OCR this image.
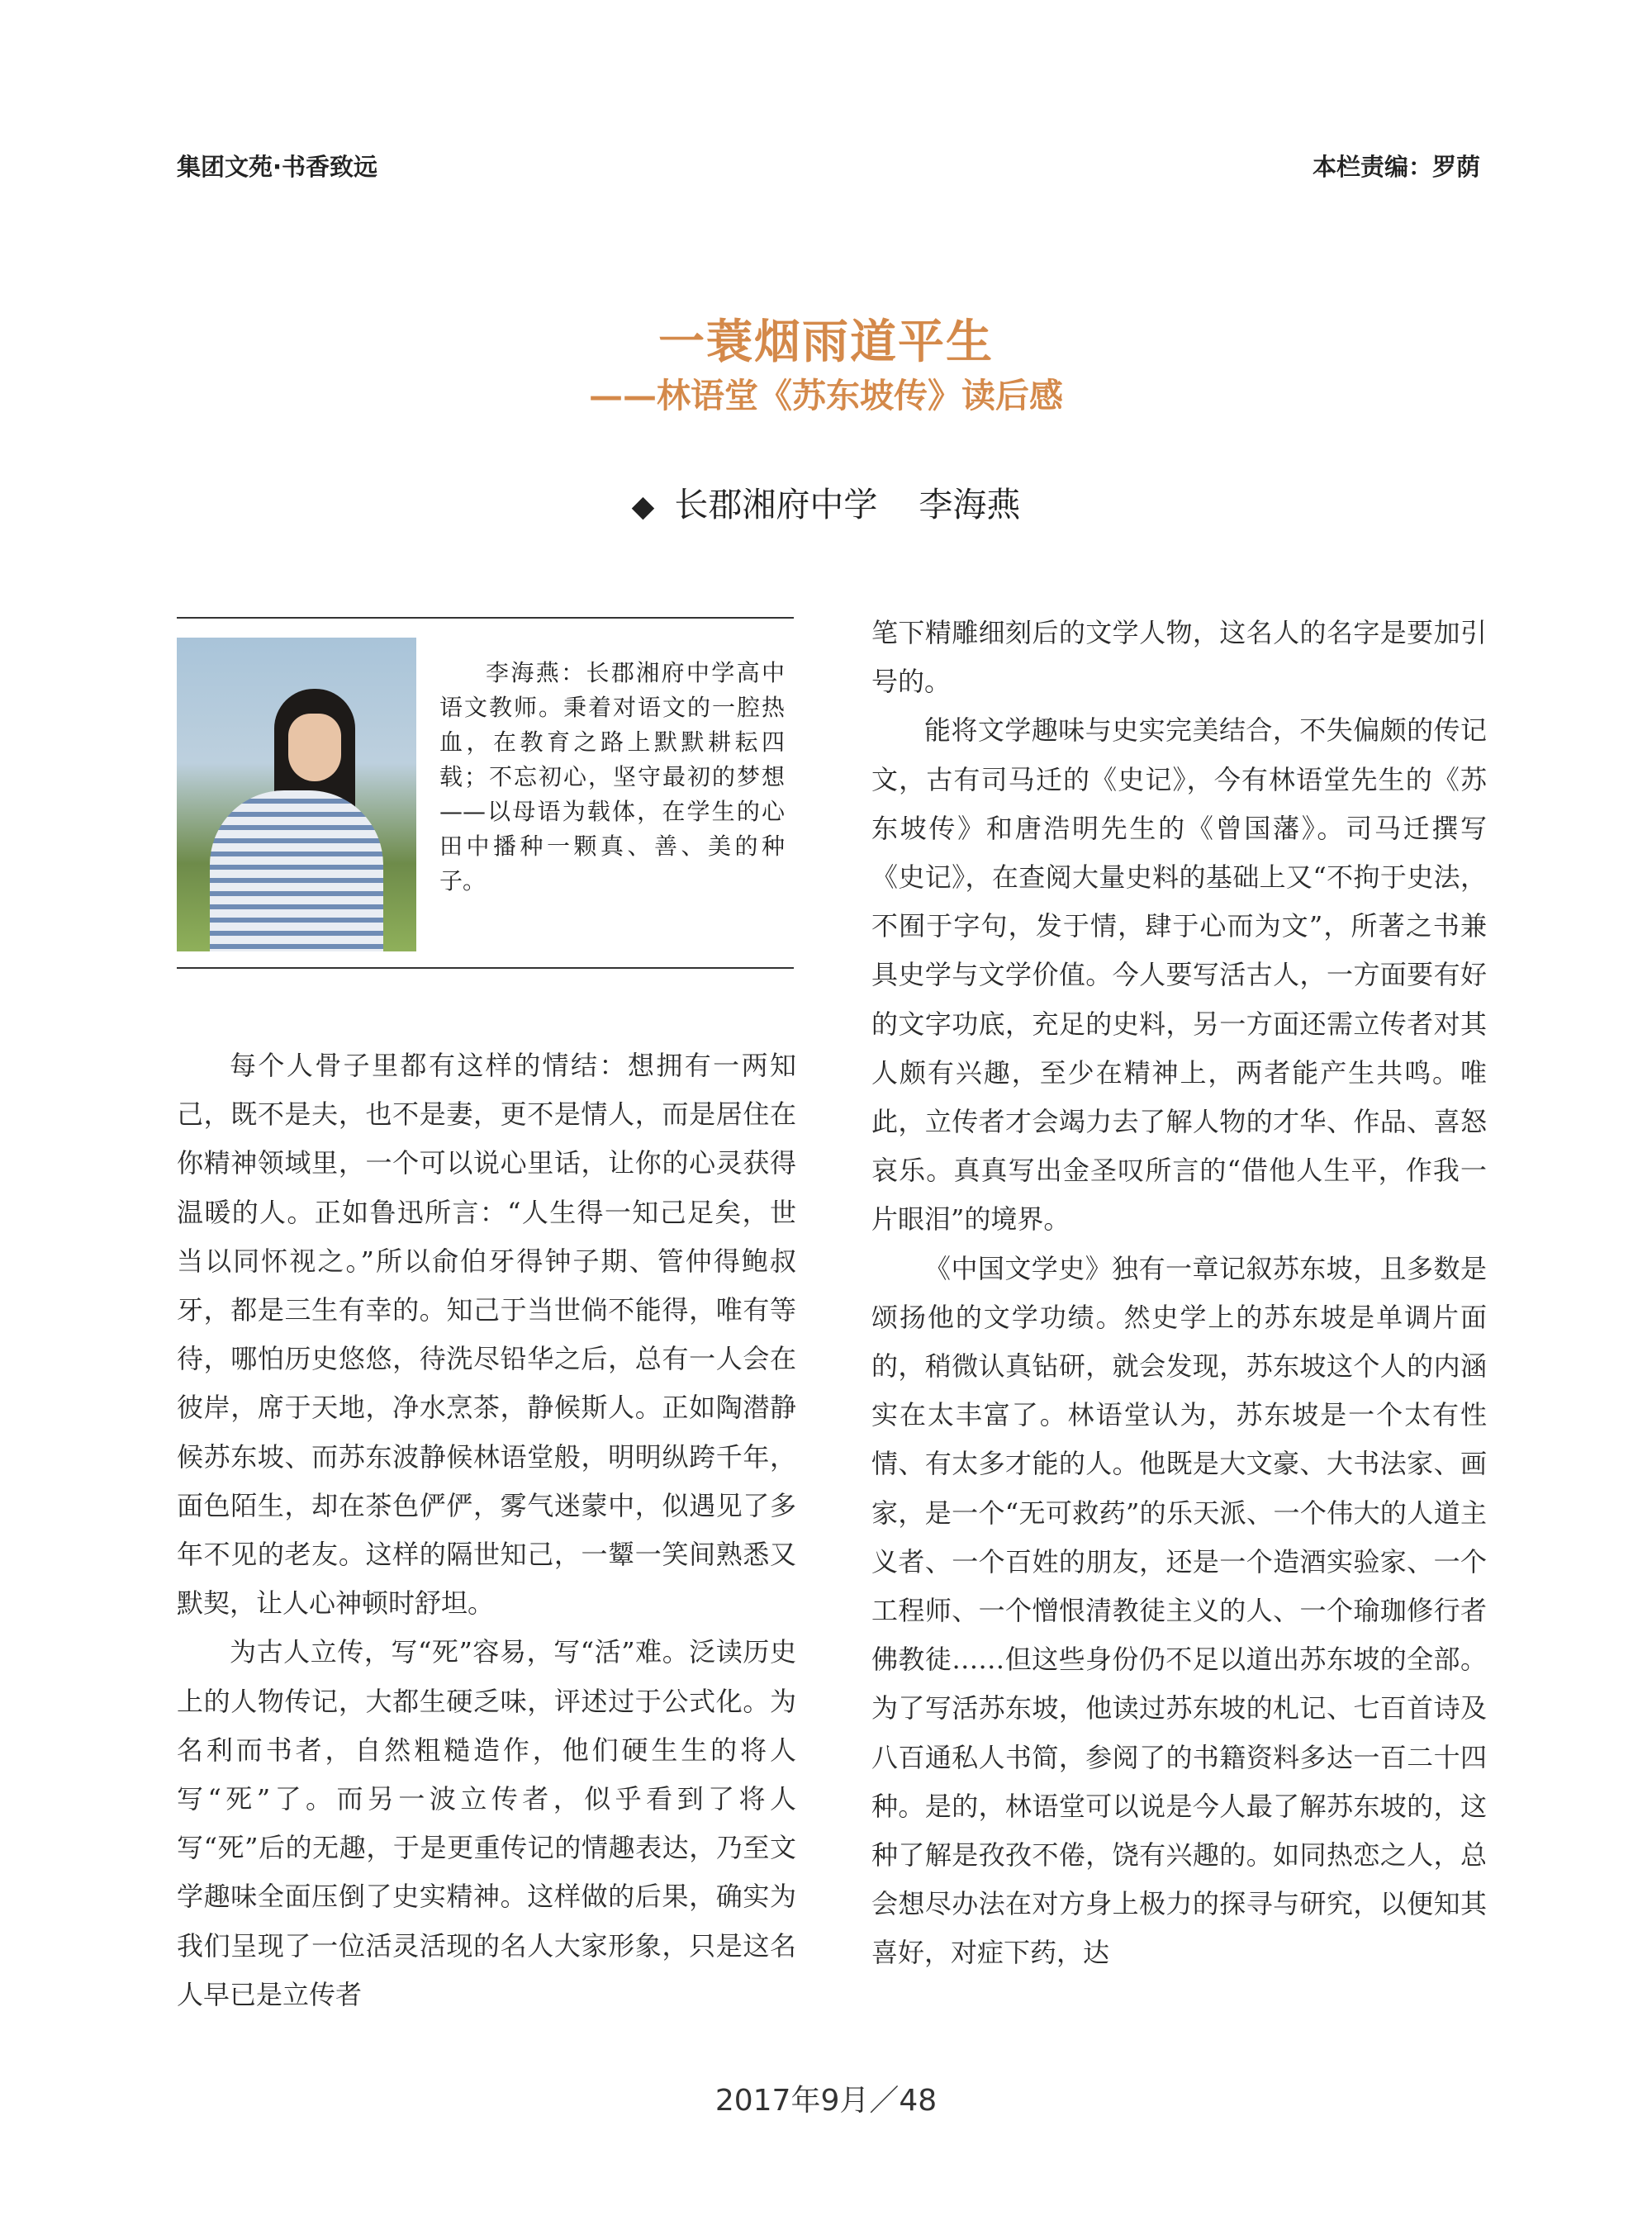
集团文苑·书香致远	本栏责编：罗荫
一蓑烟雨道平生
——林语堂《苏东坡传》读后感
◆ 长郡湘府中学 李海燕
李海燕：长郡湘府中学高中语文教师。秉着对语文的一腔热血，在教育之路上默默耕耘四载；不忘初心，坚守最初的梦想——以母语为载体，在学生的心田中播种一颗真、善、美的种子。

每个人骨子里都有这样的情结：想拥有一两知己，既不是夫，也不是妻，更不是情人，而是居住在你精神领域里，一个可以说心里话，让你的心灵获得温暖的人。正如鲁迅所言：“人生得一知己足矣，世当以同怀视之。”所以俞伯牙得钟子期、管仲得鲍叔牙，都是三生有幸的。知己于当世倘不能得，唯有等待，哪怕历史悠悠，待洗尽铅华之后，总有一人会在彼岸，席于天地，净水烹茶，静候斯人。正如陶潜静候苏东坡、而苏东波静候林语堂般，明明纵跨千年，面色陌生，却在茶色俨俨，雾气迷蒙中，似遇见了多年不见的老友。这样的隔世知己，一颦一笑间熟悉又默契，让人心神顿时舒坦。

为古人立传，写“死”容易，写“活”难。泛读历史上的人物传记，大都生硬乏味，评述过于公式化。为名利而书者，自然粗糙造作，他们硬生生的将人写“死”了。而另一波立传者，似乎看到了将人写“死”后的无趣，于是更重传记的情趣表达，乃至文学趣味全面压倒了史实精神。这样做的后果，确实为我们呈现了一位活灵活现的名人大家形象，只是这名人早已是立传者

笔下精雕细刻后的文学人物，这名人的名字是要加引号的。

能将文学趣味与史实完美结合，不失偏颇的传记文，古有司马迁的《史记》，今有林语堂先生的《苏东坡传》和唐浩明先生的《曾国藩》。司马迁撰写《史记》，在查阅大量史料的基础上又“不拘于史法，不囿于字句，发于情，肆于心而为文”，所著之书兼具史学与文学价值。今人要写活古人，一方面要有好的文字功底，充足的史料，另一方面还需立传者对其人颇有兴趣，至少在精神上，两者能产生共鸣。唯此，立传者才会竭力去了解人物的才华、作品、喜怒哀乐。真真写出金圣叹所言的“借他人生平，作我一片眼泪”的境界。

《中国文学史》独有一章记叙苏东坡，且多数是颂扬他的文学功绩。然史学上的苏东坡是单调片面的，稍微认真钻研，就会发现，苏东坡这个人的内涵实在太丰富了。林语堂认为，苏东坡是一个太有性情、有太多才能的人。他既是大文豪、大书法家、画家，是一个“无可救药”的乐天派、一个伟大的人道主义者、一个百姓的朋友，还是一个造酒实验家、一个工程师、一个憎恨清教徒主义的人、一个瑜珈修行者佛教徒……但这些身份仍不足以道出苏东坡的全部。为了写活苏东坡，他读过苏东坡的札记、七百首诗及八百通私人书简，参阅了的书籍资料多达一百二十四种。是的，林语堂可以说是今人最了解苏东坡的，这种了解是孜孜不倦，饶有兴趣的。如同热恋之人，总会想尽办法在对方身上极力的探寻与研究，以便知其喜好，对症下药，达

2017年9月／48
